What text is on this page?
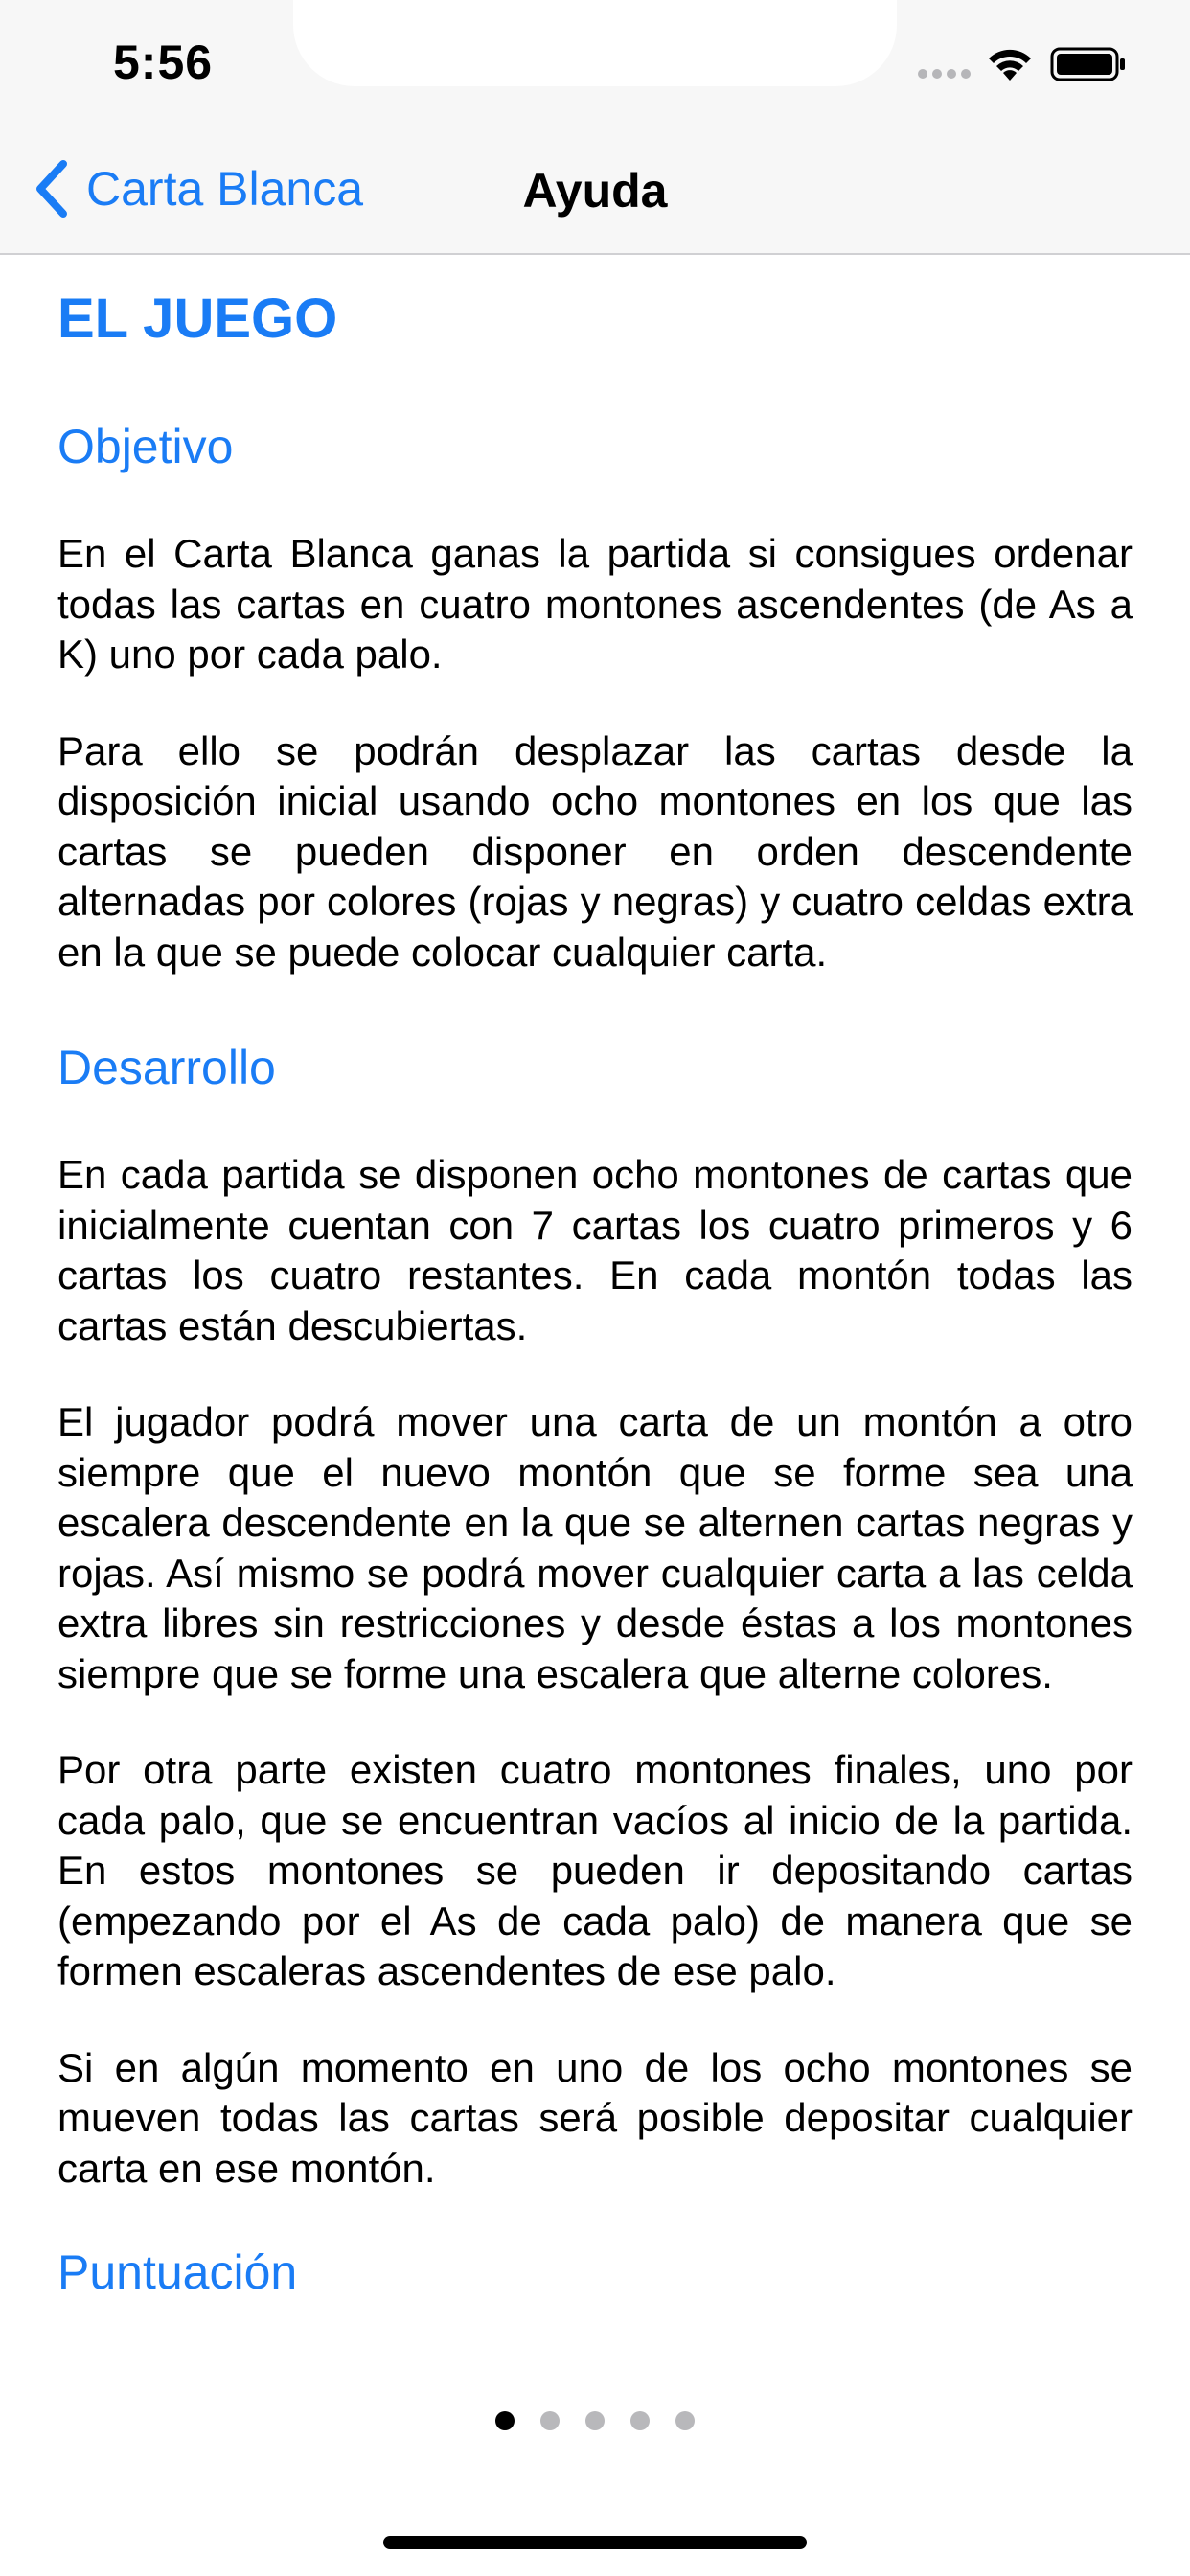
5:56
Carta Blanca	Ayuda
EL JUEGO
Objetivo

En el Carta Blanca ganas la partida si consigues ordenar todas las cartas en cuatro montones ascendentes (de As a K) uno por cada palo.

Para ello se podrán desplazar las cartas desde la disposición inicial usando ocho montones en los que las cartas se pueden disponer en orden descendente alternadas por colores (rojas y negras) y cuatro celdas extra en la que se puede colocar cualquier carta.

Desarrollo

En cada partida se disponen ocho montones de cartas que inicialmente cuentan con 7 cartas los cuatro primeros y 6 cartas los cuatro restantes. En cada montón todas las cartas están descubiertas.

El jugador podrá mover una carta de un montón a otro siempre que el nuevo montón que se forme sea una escalera descendente en la que se alternen cartas negras y rojas. Así mismo se podrá mover cualquier carta a las celda extra libres sin restricciones y desde éstas a los montones siempre que se forme una escalera que alterne colores.

Por otra parte existen cuatro montones finales, uno por cada palo, que se encuentran vacíos al inicio de la partida. En estos montones se pueden ir depositando cartas (empezando por el As de cada palo) de manera que se formen escaleras ascendentes de ese palo.

Si en algún momento en uno de los ocho montones se mueven todas las cartas será posible depositar cualquier carta en ese montón.

Puntuación
